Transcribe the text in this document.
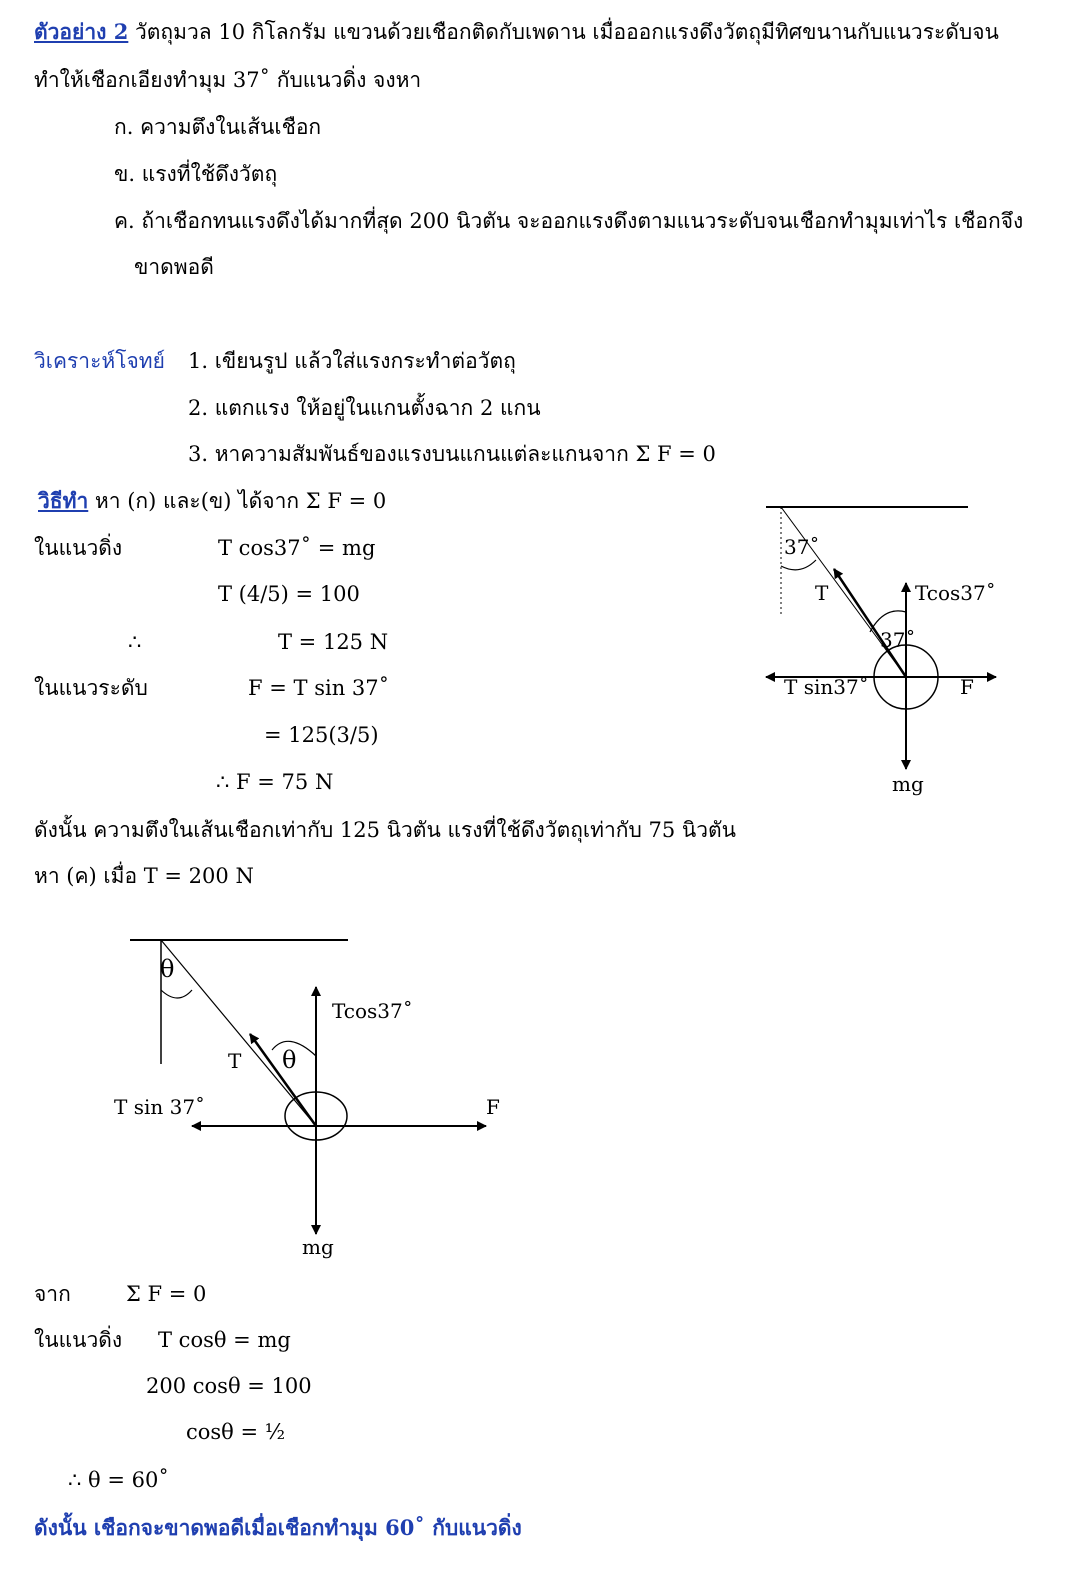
ตัวอย่าง 2 วัตถุมวล 10 กิโลกรัม แขวนด้วยเชือกติดกับเพดาน เมื่อออกแรงดึงวัตถุมีทิศขนานกับแนวระดับจน
ทำให้เชือกเอียงทำมุม 37˚ กับแนวดิ่ง จงหา
ก. ความตึงในเส้นเชือก
ข. แรงที่ใช้ดึงวัตถุ
ค. ถ้าเชือกทนแรงดึงได้มากที่สุด 200 นิวตัน จะออกแรงดึงตามแนวระดับจนเชือกทำมุมเท่าไร เชือกจึง
ขาดพอดี
วิเคราะห์โจทย์ 1. เขียนรูป แล้วใส่แรงกระทำต่อวัตถุ
2. แตกแรง ให้อยู่ในแกนตั้งฉาก 2 แกน
3. หาความสัมพันธ์ของแรงบนแกนแต่ละแกนจาก Σ F = 0
วิธีทำ หา (ก) และ(ข) ได้จาก Σ F = 0
ในแนวดิ่ง	T cos37˚ = mg
T (4/5) = 100
∴	T = 125 N
ในแนวระดับ	F = T sin 37˚
= 125(3/5)
∴ F = 75 N
ดังนั้น ความตึงในเส้นเชือกเท่ากับ 125 นิวตัน แรงที่ใช้ดึงวัตถุเท่ากับ 75 นิวตัน
หา (ค) เมื่อ T = 200 N
จาก	Σ F = 0
ในแนวดิ่ง T cosθ = mg
200 cosθ = 100
cosθ = ½
∴ θ = 60˚
ดังนั้น เชือกจะขาดพอดีเมื่อเชือกทำมุม 60˚ กับแนวดิ่ง
37˚
T	Tcos37˚
37˚
T sin37˚	F
mg
θ
T θ
Tcos37˚
T sin 37˚	F
mg
